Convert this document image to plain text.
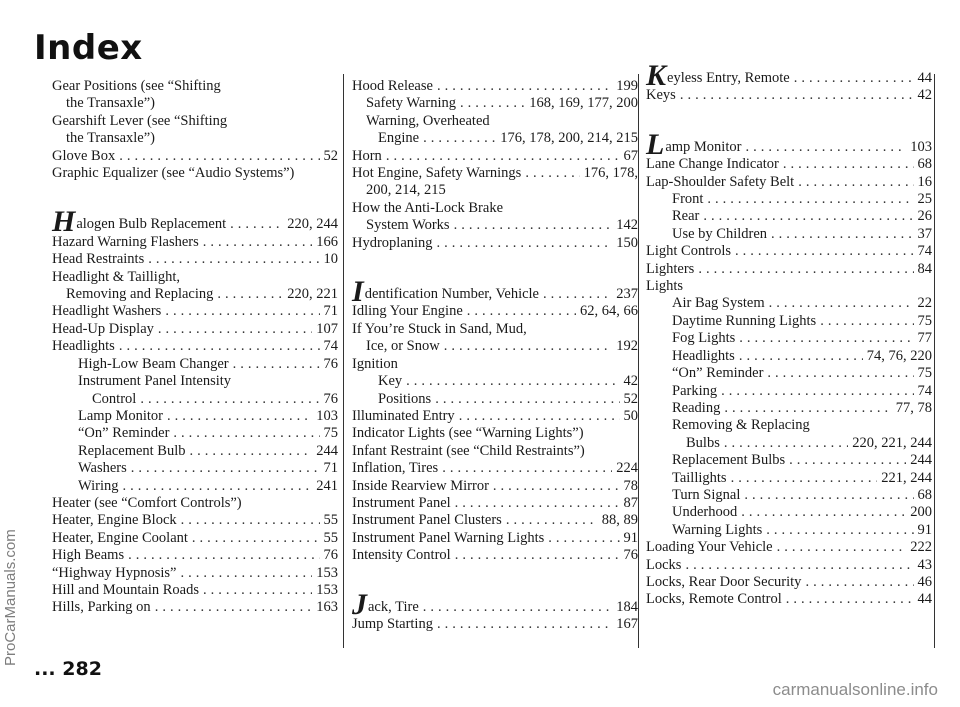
Index
ProCarManuals.com
Gear Positions (see “Shifting
the Transaxle”)
Gearshift Lever (see “Shifting
the Transaxle”)
Glove Box .....	52
Graphic Equalizer (see “Audio Systems”)
Halogen Bulb Replacement .....	220, 244
Hazard Warning Flashers .....	166
Head Restraints .....	10
Headlight & Taillight,
Removing and Replacing .....	220, 221
Headlight Washers .....	71
Head-Up Display .....	107
Headlights .....	74
High-Low Beam Changer .....	76
Instrument Panel Intensity
Control .....	76
Lamp Monitor .....	103
“On” Reminder .....	75
Replacement Bulb .....	244
Washers .....	71
Wiring .....	241
Heater (see “Comfort Controls”)
Heater, Engine Block .....	55
Heater, Engine Coolant .....	55
High Beams .....	76
“Highway Hypnosis” .....	153
Hill and Mountain Roads .....	153
Hills, Parking on .....	163
Hood Release .....	199
Safety Warning .....	168, 169, 177, 200
Warning, Overheated
Engine .....	176, 178, 200, 214, 215
Horn .....	67
Hot Engine, Safety Warnings .....	176, 178,
200, 214, 215
How the Anti-Lock Brake
System Works .....	142
Hydroplaning .....	150
Identification Number, Vehicle .....	237
Idling Your Engine .....	62, 64, 66
If You’re Stuck in Sand, Mud,
Ice, or Snow .....	192
Ignition
Key .....	42
Positions .....	52
Illuminated Entry .....	50
Indicator Lights (see “Warning Lights”)
Infant Restraint (see “Child Restraints”)
Inflation, Tires .....	224
Inside Rearview Mirror .....	78
Instrument Panel .....	87
Instrument Panel Clusters .....	88, 89
Instrument Panel Warning Lights .....	91
Intensity Control .....	76
Jack, Tire .....	184
Jump Starting .....	167
Keyless Entry, Remote .....	44
Keys .....	42
Lamp Monitor .....	103
Lane Change Indicator .....	68
Lap-Shoulder Safety Belt .....	16
Front .....	25
Rear .....	26
Use by Children .....	37
Light Controls .....	74
Lighters .....	84
Lights
Air Bag System .....	22
Daytime Running Lights .....	75
Fog Lights .....	77
Headlights .....	74, 76, 220
“On” Reminder .....	75
Parking .....	74
Reading .....	77, 78
Removing & Replacing
Bulbs .....	220, 221, 244
Replacement Bulbs .....	244
Taillights .....	221, 244
Turn Signal .....	68
Underhood .....	200
Warning Lights .....	91
Loading Your Vehicle .....	222
Locks .....	43
Locks, Rear Door Security .....	46
Locks, Remote Control .....	44
... 282
carmanualsonline.info
